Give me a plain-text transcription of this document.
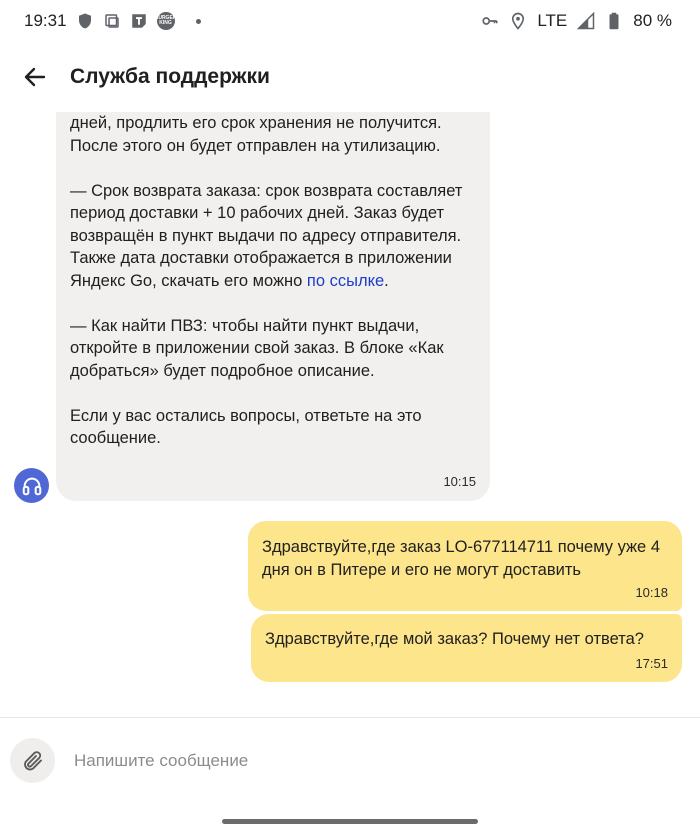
19:31	BURGER
KING	LTE	80 %
Служба поддержки

дней, продлить его срок хранения не получится. После этого он будет отправлен на утилизацию.

— Срок возврата заказа: срок возврата составляет период доставки + 10 рабочих дней. Заказ будет возвращён в пункт выдачи по адресу отправителя. Также дата доставки отображается в приложении Яндекс Go, скачать его можно по ссылке.

— Как найти ПВЗ: чтобы найти пункт выдачи, откройте в приложении свой заказ. В блоке «Как добраться» будет подробное описание.

Если у вас остались вопросы, ответьте на это сообщение.

10:15
Здравствуйте,где заказ LO-677114711 почему уже 4 дня он в Питере и его не могут доставить
10:18
Здравствуйте,где мой заказ? Почему нет ответа?
17:51
Напишите сообщение
